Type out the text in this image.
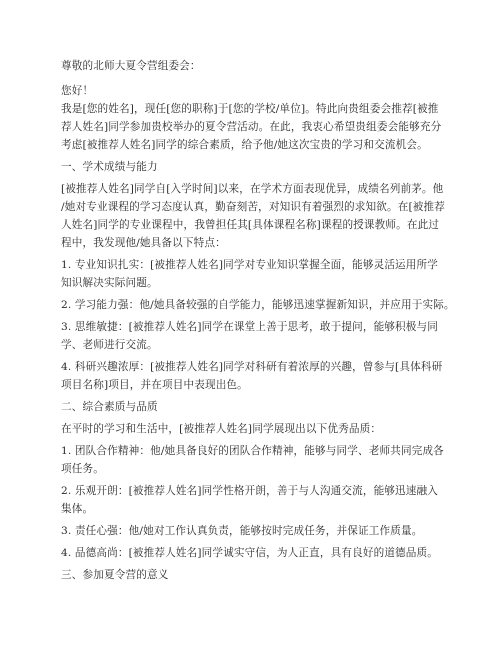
尊敬的北师大夏令营组委会：
您好！
我是[您的姓名]，现任[您的职称]于[您的学校/单位]。特此向贵组委会推荐[被推
荐人姓名]同学参加贵校举办的夏令营活动。在此，我衷心希望贵组委会能够充分
考虑[被推荐人姓名]同学的综合素质，给予他/她这次宝贵的学习和交流机会。
一、学术成绩与能力
[被推荐人姓名]同学自[入学时间]以来，在学术方面表现优异，成绩名列前茅。他
/她对专业课程的学习态度认真，勤奋刻苦，对知识有着强烈的求知欲。在[被推荐
人姓名]同学的专业课程中，我曾担任其[具体课程名称]课程的授课教师。在此过
程中，我发现他/她具备以下特点：
1. 专业知识扎实：[被推荐人姓名]同学对专业知识掌握全面，能够灵活运用所学
知识解决实际问题。
2. 学习能力强：他/她具备较强的自学能力，能够迅速掌握新知识，并应用于实际。
3. 思维敏捷：[被推荐人姓名]同学在课堂上善于思考，敢于提问，能够积极与同
学、老师进行交流。
4. 科研兴趣浓厚：[被推荐人姓名]同学对科研有着浓厚的兴趣，曾参与[具体科研
项目名称]项目，并在项目中表现出色。
二、综合素质与品质
在平时的学习和生活中，[被推荐人姓名]同学展现出以下优秀品质：
1. 团队合作精神：他/她具备良好的团队合作精神，能够与同学、老师共同完成各
项任务。
2. 乐观开朗：[被推荐人姓名]同学性格开朗，善于与人沟通交流，能够迅速融入
集体。
3. 责任心强：他/她对工作认真负责，能够按时完成任务，并保证工作质量。
4. 品德高尚：[被推荐人姓名]同学诚实守信，为人正直，具有良好的道德品质。
三、参加夏令营的意义
